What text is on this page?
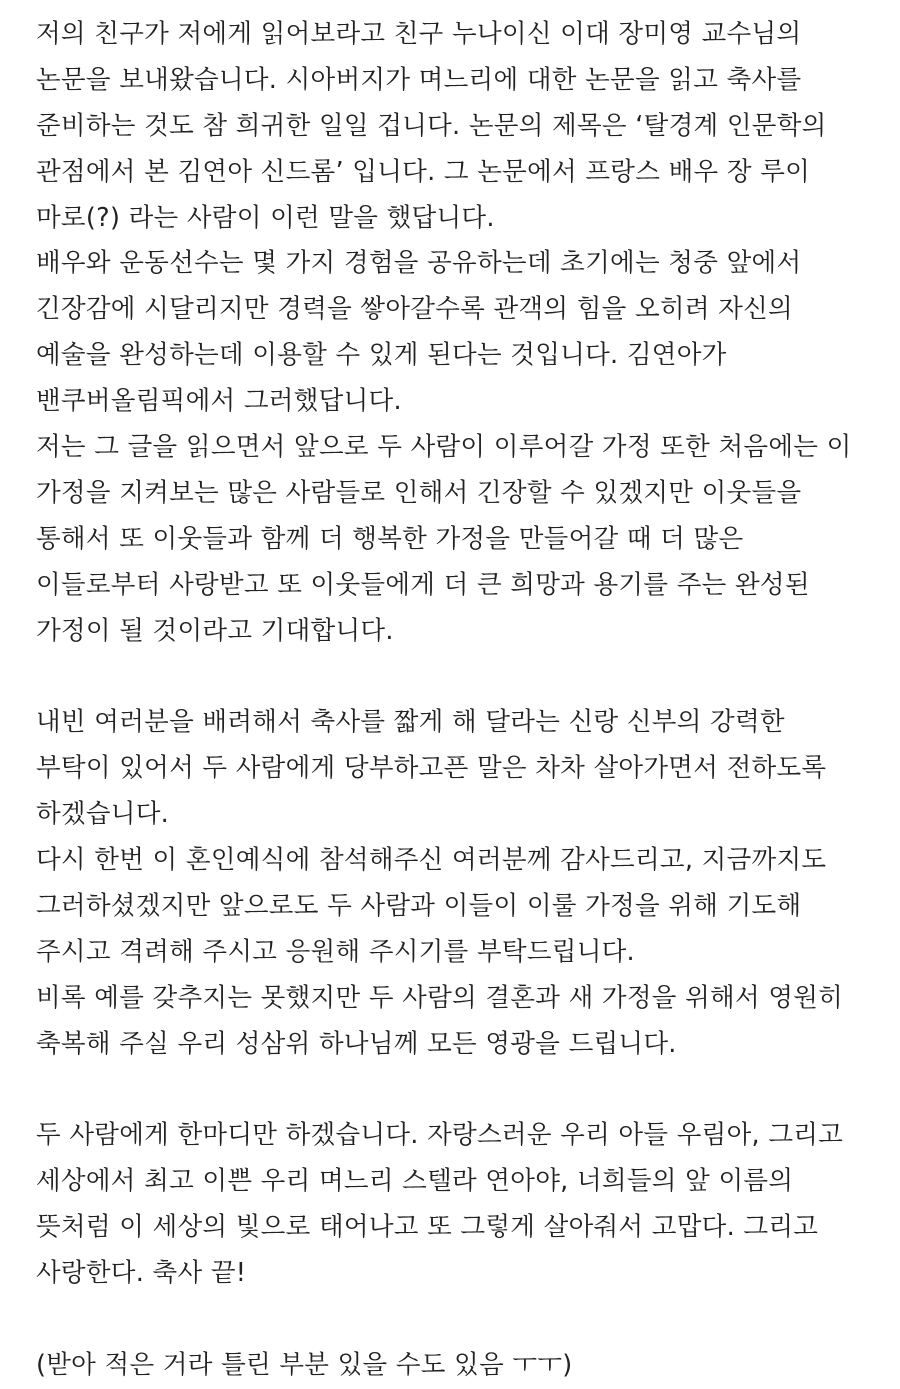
저의 친구가 저에게 읽어보라고 친구 누나이신 이대 장미영 교수님의
논문을 보내왔습니다. 시아버지가 며느리에 대한 논문을 읽고 축사를
준비하는 것도 참 희귀한 일일 겁니다. 논문의 제목은 ‘탈경계 인문학의
관점에서 본 김연아 신드롬’ 입니다. 그 논문에서 프랑스 배우 장 루이
마로(?) 라는 사람이 이런 말을 했답니다.
배우와 운동선수는 몇 가지 경험을 공유하는데 초기에는 청중 앞에서
긴장감에 시달리지만 경력을 쌓아갈수록 관객의 힘을 오히려 자신의
예술을 완성하는데 이용할 수 있게 된다는 것입니다. 김연아가
밴쿠버올림픽에서 그러했답니다.
저는 그 글을 읽으면서 앞으로 두 사람이 이루어갈 가정 또한 처음에는 이
가정을 지켜보는 많은 사람들로 인해서 긴장할 수 있겠지만 이웃들을
통해서 또 이웃들과 함께 더 행복한 가정을 만들어갈 때 더 많은
이들로부터 사랑받고 또 이웃들에게 더 큰 희망과 용기를 주는 완성된
가정이 될 것이라고 기대합니다.
내빈 여러분을 배려해서 축사를 짧게 해 달라는 신랑 신부의 강력한
부탁이 있어서 두 사람에게 당부하고픈 말은 차차 살아가면서 전하도록
하겠습니다.
다시 한번 이 혼인예식에 참석해주신 여러분께 감사드리고, 지금까지도
그러하셨겠지만 앞으로도 두 사람과 이들이 이룰 가정을 위해 기도해
주시고 격려해 주시고 응원해 주시기를 부탁드립니다.
비록 예를 갖추지는 못했지만 두 사람의 결혼과 새 가정을 위해서 영원히
축복해 주실 우리 성삼위 하나님께 모든 영광을 드립니다.
두 사람에게 한마디만 하겠습니다. 자랑스러운 우리 아들 우림아, 그리고
세상에서 최고 이쁜 우리 며느리 스텔라 연아야, 너희들의 앞 이름의
뜻처럼 이 세상의 빛으로 태어나고 또 그렇게 살아줘서 고맙다. 그리고
사랑한다. 축사 끝!
(받아 적은 거라 틀린 부분 있을 수도 있음 ㅜㅜ)
